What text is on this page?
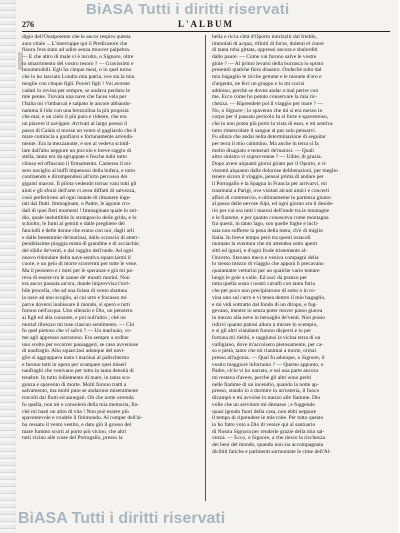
BiASA Tutti i diritti riservati
276	L'ALBUM
digio dell'Oustpotente che le ancor respiro questa
aura vitale ... L'interruppe qui il Predicatore che
finora l'era stato ad udire senza muover palpebra.
— E che altro di male vi è incolto, o Signore, oltre
lo smarrimento del vostro tesoro ? — Gravissimi e
innumerabili. Egli ha cinque mesi, o in quel torno
che io ho lasciato Londra mia patria, ove sta la mia
moglie con cinque figli. Poveri figli ! Voi avreste
caduti in rovina per sempre, se andava perduto le
mie penne. Trovata una nave che facea vela per
l'Italia mi v'imbarcai e salpato le ancore abbando-
namma il lido con una brezzolina la più propizia
che mai, e un cielo il più puro e ridente, che era
un piacere il navigare. Arrivati al largo presso il
passo di Calais si mosse un vento sì gagliardo che il
mare comincia a gonfiarsi e fortunamente arrenda-
mente. Era la mezzanotte, e sen ai vedeva scintil-
lare dall'alto neppure un piccolo e breve raggio di
stella, tanto era da sgruppate e fosche nubi tutto
chiuso ed offuscato il firmamento. Camerea il mi-
sero naviglio ai buffi impetuosi della bufera, e tutto
contraendo e dirompendosi all'urto percosso dei
giganti marosi. Il pilota vedendo tornar vani tutti gli
aiuti e gli sforzi dell'arte ci avea diffatti di salvezza,
cosò preferirono ad ogni istante di rimanere inge-
iati dai flutti. Immaginate, o Padre, le agonie cru-
dali di quei fieri momenti ! Immaginate quale lo stri-
dio, quale ineluttibile lo strangoscio deile grida, e lo
schiolto, le fumi ai gemiti e dalle preghiere dei
fanciulli e delle donne che erano con noi, dagli urli
e dalle bestemmie de'marinai, dallo scroscio di atterr-
penditissime pioggia mista di grandine e di acciachie,
del sibilo de'venti, e dal ruggito dell'onde. Ad ogni
nuovo ridondare della nave sentiva squarciarmi il
cuore, e un gelo di morte scorrermi per tutte le vene.
Ma il pensiero e i miei per le speranze e già mi pa-
reva di essere tra le zanne de' mostri marini. Non
era ancor passata un'ora, donde improvvisa l'orri-
bile procella, che ad una folata di vento sbattuta
la nave ad uno scoglio, al cui urto e fracasso mi
parve doversi inabissare il mondo, si sperò e tutti
furono nell'acqua. Uno silenzio e Dio, un pensiero
ai figli ed alla consorte, e poi null'altro ; chè un
mortal ribrezzo mi tuse ciascun sentimento. — Chi
fu quel pietoso che vi salvò ? — Un marinaio, co-
me agli appresso narrarono. Era sempre a ordine
uno scelto per eccorrer passaggeri, se caso avvenisse
di naufragio. Alto squarciasi adunque del navi-
glio si aggrappava tosto i marinai al palischermo
e furono tutti in opera per scampare quei miseri
naufraghi che venivano per tutto in tanta densità di
tenebre. In tutto lolliemento di mare, in tanta sco-
gonza e spavento di morte. Molti furono tratti a
salvamento, ma molti pure se andarono miseramente
travolti dai flutti ed annegati. Oh che notte orrenda
fu quella, non mi e consolerà della mia memoria, fin-
chè mi basti un alito di vita ! Non può essere più
spaventevole e crudele il finimondo. Al romper dell'al-
ba cessato il vento vestito, e dato giù il grosso del
mare fummo scorti al porto più vicino, che altri
tutti vicino alle coste del Portogallo, presso la
bella e ricca città d'Oporto intirizziti dal freddo,
immolati di acqua, rifiniti di forze, dolenti el cuore
di tanta roba gittata, oppressi ancora e sbalorditi
dallo paure. — Come vai furono salve le vostre
gioie ? — Al primo levarsi della burrasca io spinto
presentii qualche fiero disastro. Ondechè tolto dal
mio bagaglio le ricche gemme e le monete d'oro e
d'argento, ne feci un gruppo e lo mi cucisi
addosso, perchè se dovea andar a mal perire con
me. Ecco come ho potuto conservare la mia ric-
chezza. — Riprendete poi il viaggio per mare ? —
No, o Signore ; lo spavento che mi si era messo in
corpo per il passato pericolo fu sì forte e spaventoso,
che io non potea più porre la vista di esso, e mi sentiva
tutto rimescolare il sangue al pur solo pensarvi.
Fu allora che andai nella determinazione di seguitar
per terra il mio cammino. Ma anche in terra si fa
molto disagiato e temerari de'marosi. — Quali
altro sinistro vi sopravvenne ? — Udite, di grazia.
Dopo avere alquanti giorni girato per il Oporto, e ri-
vistomi alquanto dalle dolorose deliberazioni, per meglio
tenere sicuro il viaggio, pensai prima di andare per
il Portogallo e la Spagna in Francia per arrivarvi, mi
trasmutai a Parigi, ove visitati alcuni amici e concerti
affari di commercio, e ultimamente in partenza giunto
al passo delle nevose Alpi, ed ogni giorno era il deside-
rio per cui era tutti i marosi dell'onde tra le montagne
e le fiamme, e per quanto conosceva come montagna
fra questi, in tanto lago, son quelle fughe e incli-
sata non sofferse la pena della meta, ch'è di miglio
Italia. In breve tempo però tra questi ostacoli
montato la sventura che mi attendea sotto aperti
sitti ed ignari, e d'ogni frode tristemente al-
l'incerto. Stavano meco e veniva compagni della
lo stesso mezzo di viaggio che apponi li precavano
quarantatre vetturini per un qualche vario tentare
lungo le gole a valle. Ed usci da pranzo per
tutta quella sosta i nostri cavalli con tanta furia
che per poco non precipitarono di sotto o in ro-
vina uno sul carro e vi tenea dentro il mio bagaglio,
e mi vidi sottratto dal fondo di un dirupo, e fug-
gevano, mentre io senza poter mover passo giacea
in mezzo alla neve in bersaglio de'venti. Non posso
ridirvi quanto patissi allora a mirare lo scempio,
e si gli altri viandanti furono dispersi e io per
fortuna mi riebbi, e raggiunsi la vicina terra di un
valligiano, dove m'accolsero pietosamente, per ca-
so e pietà, tanto che mi rianimai a morte, ormai
presso all'agonia. — Qual fu adunque, o Signore, il
vostro maggiore infortunio ? — Questo appunto, o
Padre, ch'io vi ho narrato, e sol una parte ancora
mi restava d'avere, perchè gli altri sono periti
nelle fiamme di un incendio, quando la notte ap-
presso, stando io a dormire in un'osteria, il fuoco
divampò e mi avvolse in mezzo alle fiamme. Dio
volle che un servitore mi destasse ; e fuggendo
quasi ignudo fuori della casa, non ebbi neppure
il tempo di riprendere le mie robe. Per tutto questo
io ho fatto voto a Dio di venire qui al santuario
di Nostra Signora per renderle grazie della mia sal-
vezza. — Ecco, o Signore, a che riesce la ricchezza
dei beni del mondo, quando non sia accompagnata
dicibili fatiche e patimenti sormontate le cime dell'Al-
BiASA Tutti i diritti riservati
